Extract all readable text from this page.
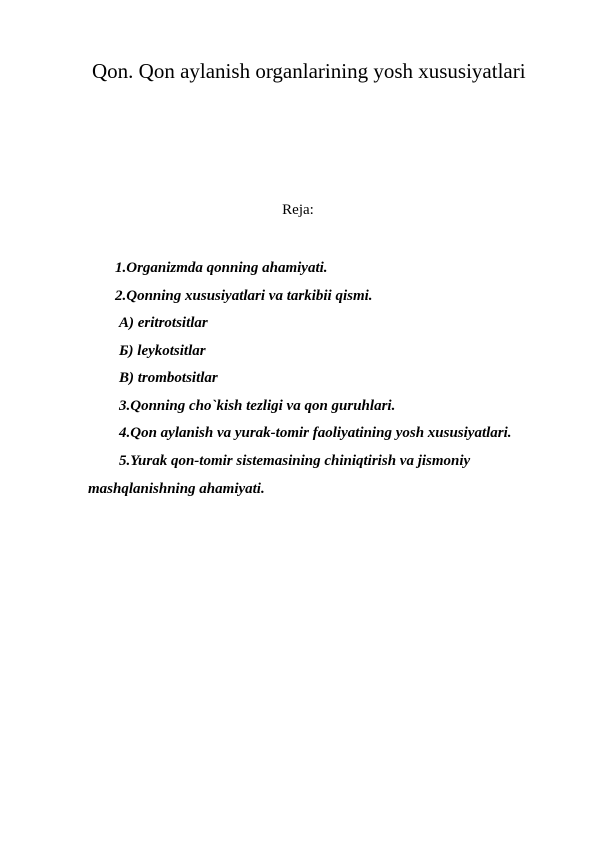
Qon. Qon aylanish organlarining yosh xususiyatlari
Reja:
1.Organizmda qonning ahamiyati.
2.Qonning xususiyatlari va tarkibii qismi.
A) eritrotsitlar
Б) leykotsitlar
В) trombotsitlar
3.Qonning cho`kish tezligi va qon guruhlari.
4.Qon aylanish va yurak-tomir faoliyatining yosh xususiyatlari.
5.Yurak qon-tomir sistemasining chiniqtirish va jismoniy
mashqlanishning ahamiyati.
